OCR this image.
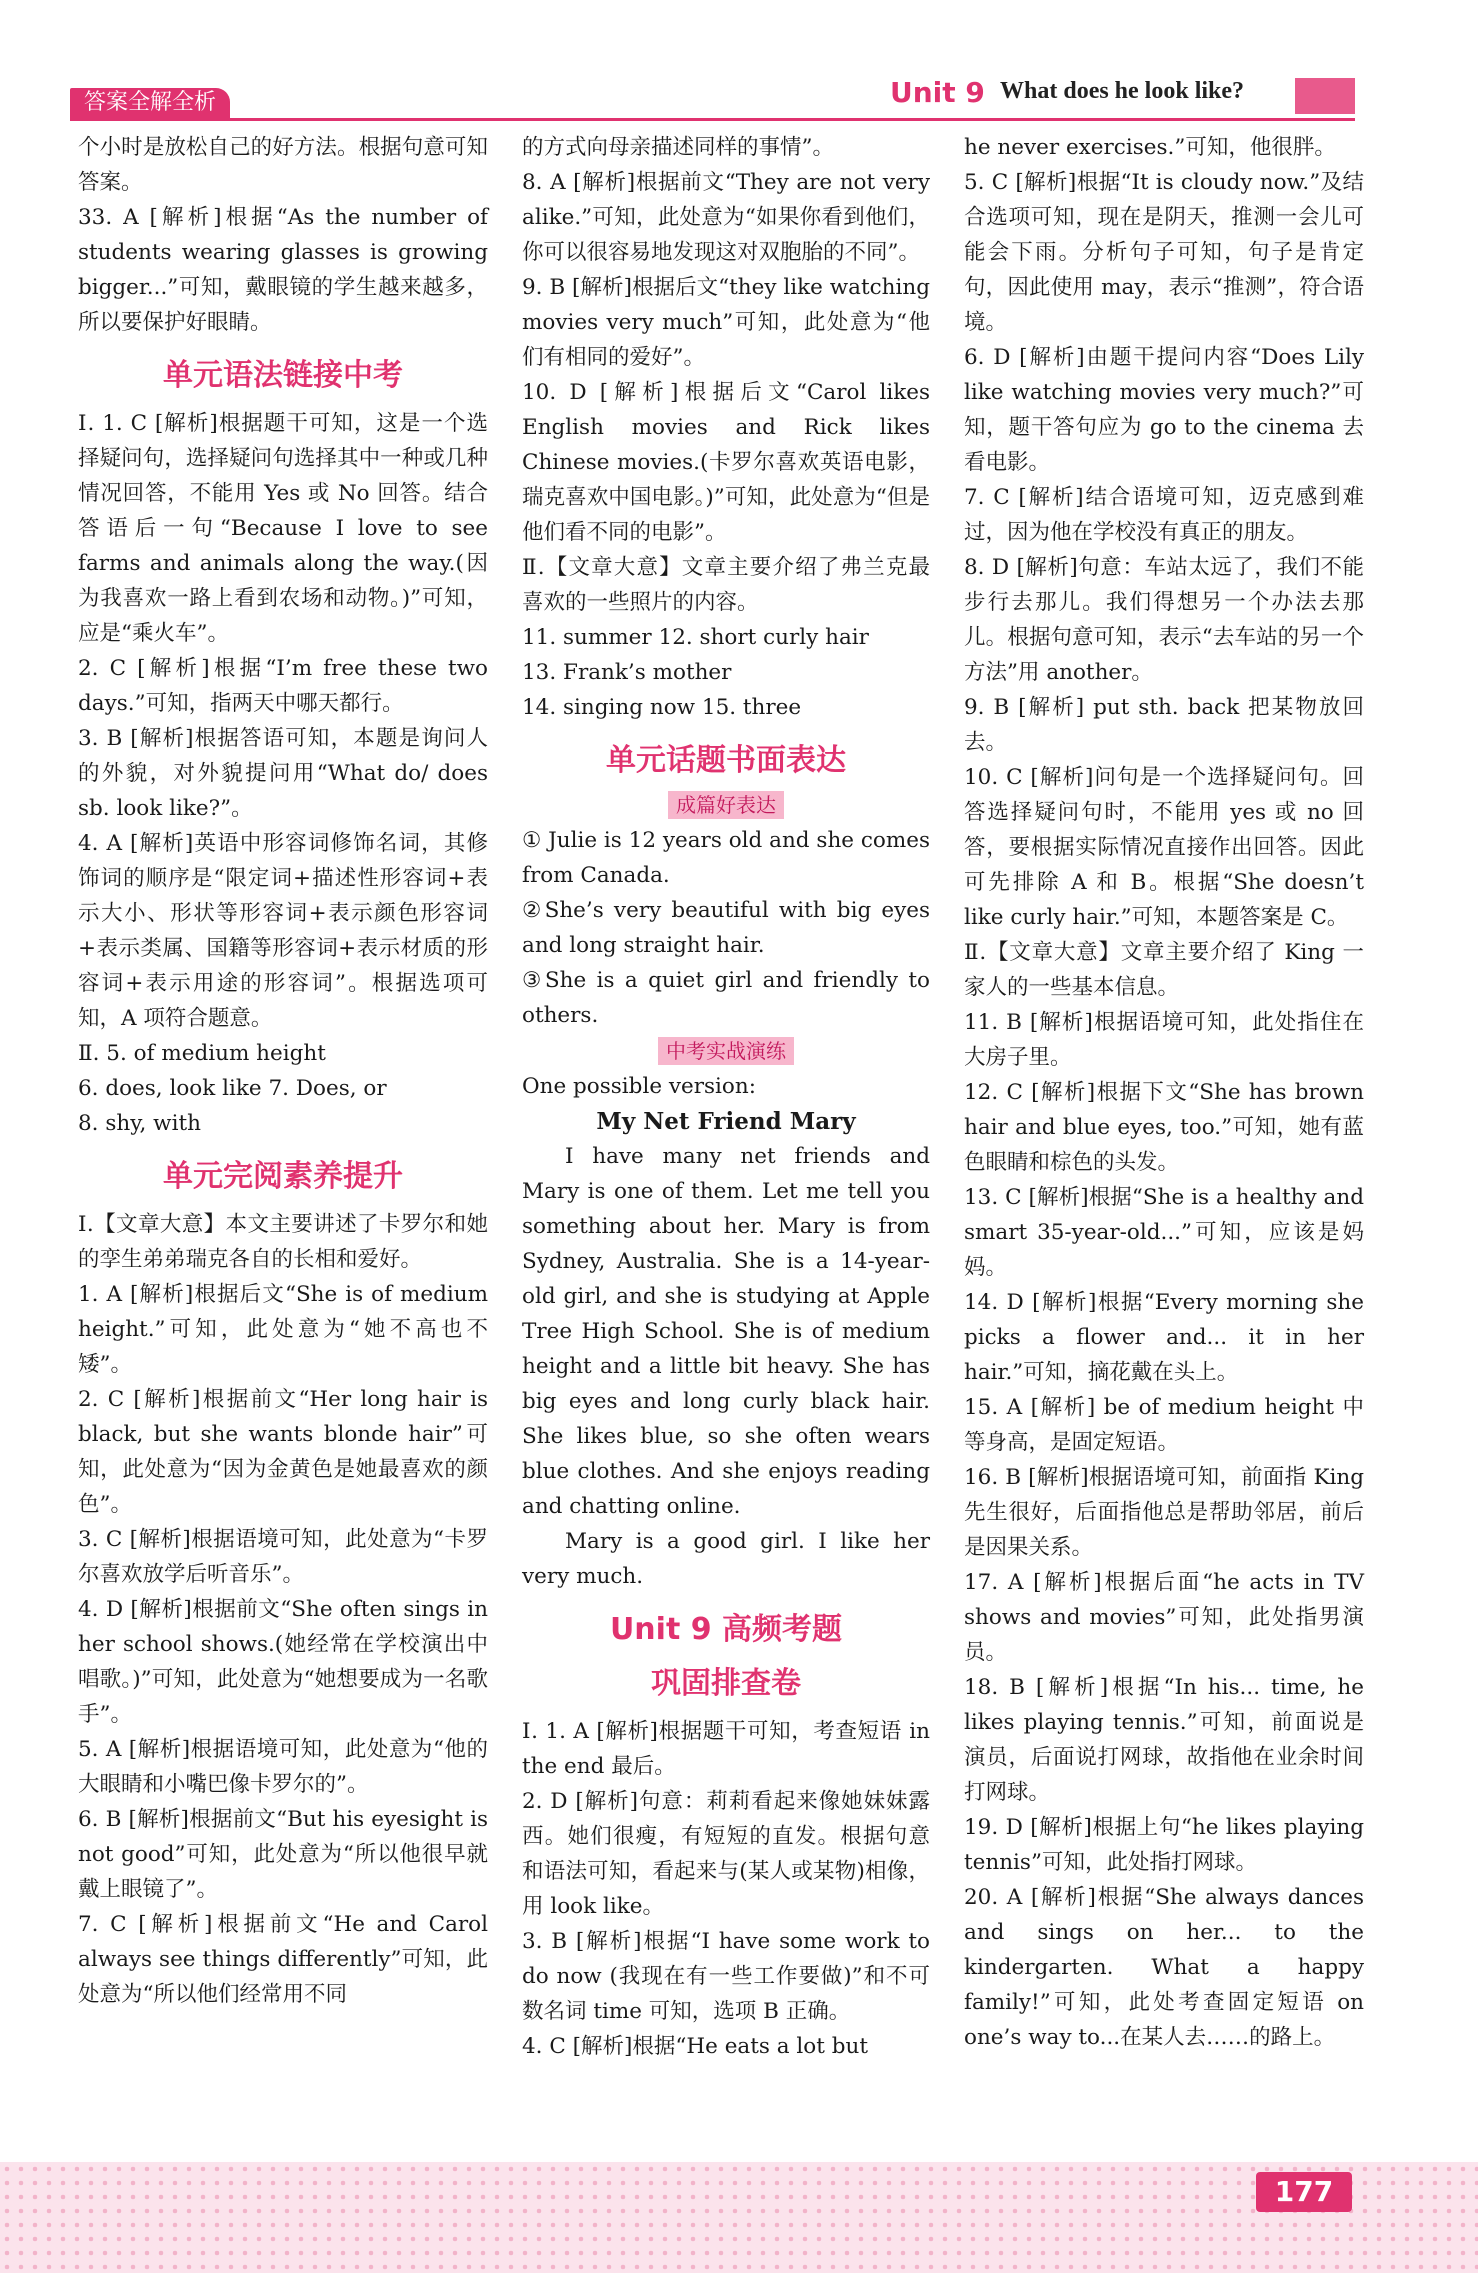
答案全解全析	Unit 9 What does he look like?

个小时是放松自己的好方法。根据句意可知答案。

33. A [解析]根据“As the number of students wearing glasses is growing bigger...”可知，戴眼镜的学生越来越多，所以要保护好眼睛。

单元语法链接中考

Ⅰ. 1. C [解析]根据题干可知，这是一个选择疑问句，选择疑问句选择其中一种或几种情况回答，不能用 Yes 或 No 回答。结合答语后一句“Because I love to see farms and animals along the way.(因为我喜欢一路上看到农场和动物。)”可知，应是“乘火车”。

2. C [解析]根据“I’m free these two days.”可知，指两天中哪天都行。

3. B [解析]根据答语可知，本题是询问人的外貌，对外貌提问用“What do/ does sb. look like?”。

4. A [解析]英语中形容词修饰名词，其修饰词的顺序是“限定词+描述性形容词+表示大小、形状等形容词+表示颜色形容词+表示类属、国籍等形容词+表示材质的形容词+表示用途的形容词”。根据选项可知，A 项符合题意。

Ⅱ. 5. of medium height

6. does, look like 7. Does, or

8. shy, with

单元完阅素养提升

Ⅰ.【文章大意】本文主要讲述了卡罗尔和她的孪生弟弟瑞克各自的长相和爱好。

1. A [解析]根据后文“She is of medium height.”可知，此处意为“她不高也不矮”。

2. C [解析]根据前文“Her long hair is black, but she wants blonde hair”可知，此处意为“因为金黄色是她最喜欢的颜色”。

3. C [解析]根据语境可知，此处意为“卡罗尔喜欢放学后听音乐”。

4. D [解析]根据前文“She often sings in her school shows.(她经常在学校演出中唱歌。)”可知，此处意为“她想要成为一名歌手”。

5. A [解析]根据语境可知，此处意为“他的大眼睛和小嘴巴像卡罗尔的”。

6. B [解析]根据前文“But his eyesight is not good”可知，此处意为“所以他很早就戴上眼镜了”。

7. C [解析]根据前文“He and Carol always see things differently”可知，此处意为“所以他们经常用不同

的方式向母亲描述同样的事情”。

8. A [解析]根据前文“They are not very alike.”可知，此处意为“如果你看到他们，你可以很容易地发现这对双胞胎的不同”。

9. B [解析]根据后文“they like watching movies very much”可知，此处意为“他们有相同的爱好”。

10. D [解析]根据后文“Carol likes English movies and Rick likes Chinese movies.(卡罗尔喜欢英语电影，瑞克喜欢中国电影。)”可知，此处意为“但是他们看不同的电影”。

Ⅱ.【文章大意】文章主要介绍了弗兰克最喜欢的一些照片的内容。

11. summer 12. short curly hair

13. Frank’s mother

14. singing now 15. three

单元话题书面表达
成篇好表达

① Julie is 12 years old and she comes from Canada.

②She’s very beautiful with big eyes and long straight hair.

③She is a quiet girl and friendly to others.

中考实战演练

One possible version:

My Net Friend Mary

I have many net friends and Mary is one of them. Let me tell you something about her. Mary is from Sydney, Australia. She is a 14-year-old girl, and she is studying at Apple Tree High School. She is of medium height and a little bit heavy. She has big eyes and long curly black hair. She likes blue, so she often wears blue clothes. And she enjoys reading and chatting online.

Mary is a good girl. I like her very much.

Unit 9 高频考题
巩固排查卷

Ⅰ. 1. A [解析]根据题干可知，考查短语 in the end 最后。

2. D [解析]句意：莉莉看起来像她妹妹露西。她们很瘦，有短短的直发。根据句意和语法可知，看起来与(某人或某物)相像，用 look like。

3. B [解析]根据“I have some work to do now (我现在有一些工作要做)”和不可数名词 time 可知，选项 B 正确。

4. C [解析]根据“He eats a lot but

he never exercises.”可知，他很胖。

5. C [解析]根据“It is cloudy now.”及结合选项可知，现在是阴天，推测一会儿可能会下雨。分析句子可知，句子是肯定句，因此使用 may，表示“推测”，符合语境。

6. D [解析]由题干提问内容“Does Lily like watching movies very much?”可知，题干答句应为 go to the cinema 去看电影。

7. C [解析]结合语境可知，迈克感到难过，因为他在学校没有真正的朋友。

8. D [解析]句意：车站太远了，我们不能步行去那儿。我们得想另一个办法去那儿。根据句意可知，表示“去车站的另一个方法”用 another。

9. B [解析] put sth. back 把某物放回去。

10. C [解析]问句是一个选择疑问句。回答选择疑问句时，不能用 yes 或 no 回答，要根据实际情况直接作出回答。因此可先排除 A 和 B。根据“She doesn’t like curly hair.”可知，本题答案是 C。

Ⅱ.【文章大意】文章主要介绍了 King 一家人的一些基本信息。

11. B [解析]根据语境可知，此处指住在大房子里。

12. C [解析]根据下文“She has brown hair and blue eyes, too.”可知，她有蓝色眼睛和棕色的头发。

13. C [解析]根据“She is a healthy and smart 35-year-old...”可知，应该是妈妈。

14. D [解析]根据“Every morning she picks a flower and... it in her hair.”可知，摘花戴在头上。

15. A [解析] be of medium height 中等身高，是固定短语。

16. B [解析]根据语境可知，前面指 King 先生很好，后面指他总是帮助邻居，前后是因果关系。

17. A [解析]根据后面“he acts in TV shows and movies”可知，此处指男演员。

18. B [解析]根据“In his... time, he likes playing tennis.”可知，前面说是演员，后面说打网球，故指他在业余时间打网球。

19. D [解析]根据上句“he likes playing tennis”可知，此处指打网球。

20. A [解析]根据“She always dances and sings on her... to the kindergarten. What a happy family!”可知，此处考查固定短语 on one’s way to...在某人去……的路上。

177
